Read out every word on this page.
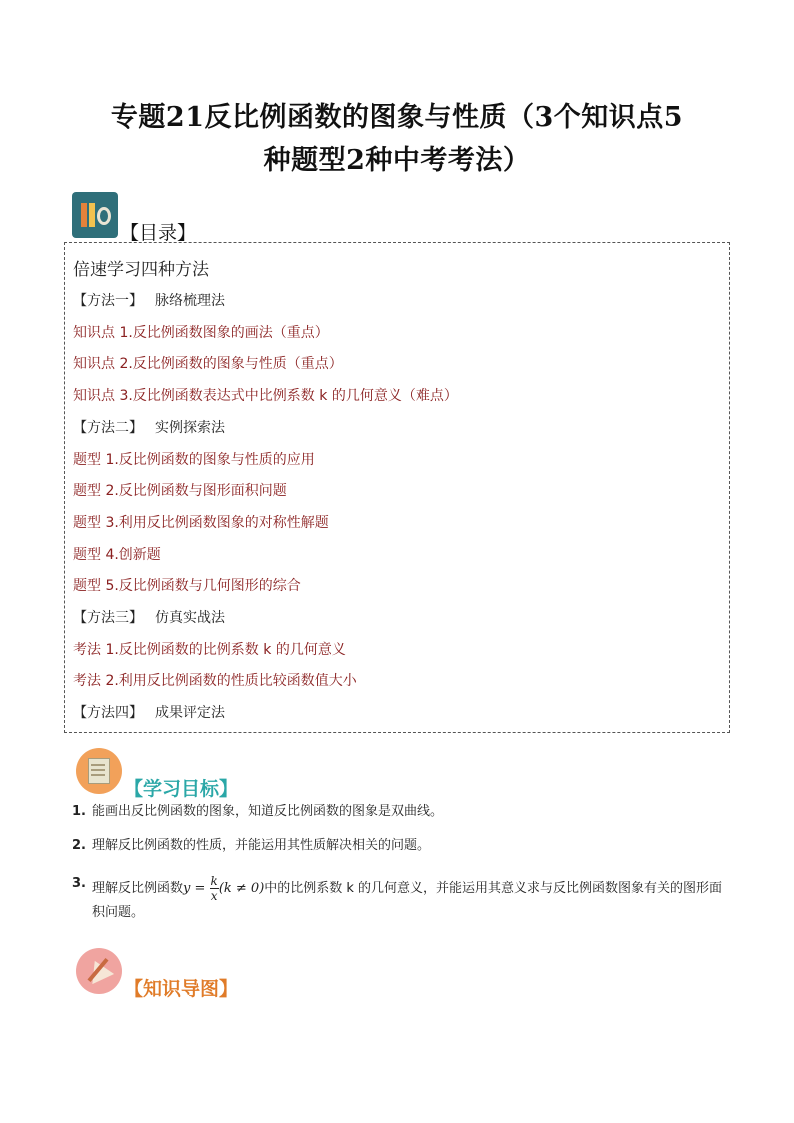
专题21反比例函数的图象与性质（3个知识点5
种题型2种中考考法）
【目录】
倍速学习四种方法
【方法一】 脉络梳理法
知识点 1.反比例函数图象的画法（重点）
知识点 2.反比例函数的图象与性质（重点）
知识点 3.反比例函数表达式中比例系数 k 的几何意义（难点）
【方法二】 实例探索法
题型 1.反比例函数的图象与性质的应用
题型 2.反比例函数与图形面积问题
题型 3.利用反比例函数图象的对称性解题
题型 4.创新题
题型 5.反比例函数与几何图形的综合
【方法三】 仿真实战法
考法 1.反比例函数的比例系数 k 的几何意义
考法 2.利用反比例函数的性质比较函数值大小
【方法四】 成果评定法
【学习目标】
1. 能画出反比例函数的图象，知道反比例函数的图象是双曲线。
2. 理解反比例函数的性质，并能运用其性质解决相关的问题。
3. 理解反比例函数$y = \frac{k}{x} (k \ne 0)$中的比例系数 k 的几何意义，并能运用其意义求与反比例函数图象有关的图形面积问题。
【知识导图】
